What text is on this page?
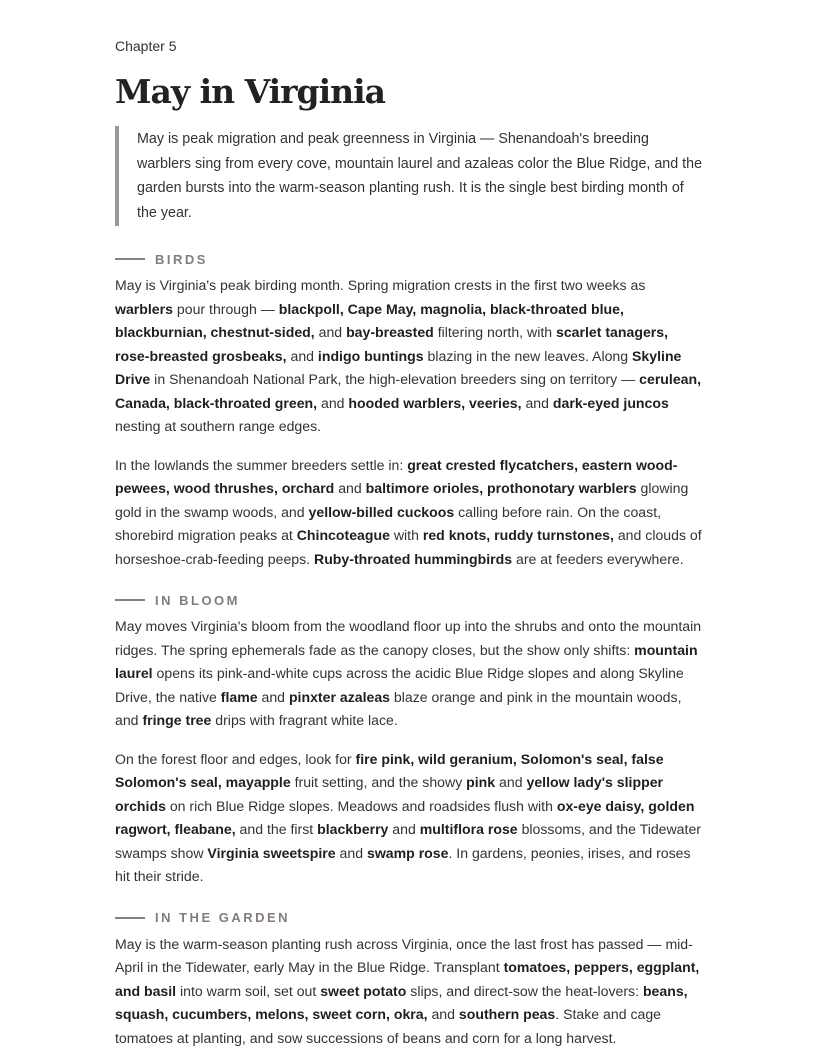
Chapter 5

May in Virginia
May is peak migration and peak greenness in Virginia — Shenandoah's breeding warblers sing from every cove, mountain laurel and azaleas color the Blue Ridge, and the garden bursts into the warm-season planting rush. It is the single best birding month of the year.
BIRDS

May is Virginia's peak birding month. Spring migration crests in the first two weeks as warblers pour through — blackpoll, Cape May, magnolia, black-throated blue, blackburnian, chestnut-sided, and bay-breasted filtering north, with scarlet tanagers, rose-breasted grosbeaks, and indigo buntings blazing in the new leaves. Along Skyline Drive in Shenandoah National Park, the high-elevation breeders sing on territory — cerulean, Canada, black-throated green, and hooded warblers, veeries, and dark-eyed juncos nesting at southern range edges.

In the lowlands the summer breeders settle in: great crested flycatchers, eastern wood-pewees, wood thrushes, orchard and baltimore orioles, prothonotary warblers glowing gold in the swamp woods, and yellow-billed cuckoos calling before rain. On the coast, shorebird migration peaks at Chincoteague with red knots, ruddy turnstones, and clouds of horseshoe-crab-feeding peeps. Ruby-throated hummingbirds are at feeders everywhere.

IN BLOOM

May moves Virginia's bloom from the woodland floor up into the shrubs and onto the mountain ridges. The spring ephemerals fade as the canopy closes, but the show only shifts: mountain laurel opens its pink-and-white cups across the acidic Blue Ridge slopes and along Skyline Drive, the native flame and pinxter azaleas blaze orange and pink in the mountain woods, and fringe tree drips with fragrant white lace.

On the forest floor and edges, look for fire pink, wild geranium, Solomon's seal, false Solomon's seal, mayapple fruit setting, and the showy pink and yellow lady's slipper orchids on rich Blue Ridge slopes. Meadows and roadsides flush with ox-eye daisy, golden ragwort, fleabane, and the first blackberry and multiflora rose blossoms, and the Tidewater swamps show Virginia sweetspire and swamp rose. In gardens, peonies, irises, and roses hit their stride.

IN THE GARDEN

May is the warm-season planting rush across Virginia, once the last frost has passed — mid-April in the Tidewater, early May in the Blue Ridge. Transplant tomatoes, peppers, eggplant, and basil into warm soil, set out sweet potato slips, and direct-sow the heat-lovers: beans, squash, cucumbers, melons, sweet corn, okra, and southern peas. Stake and cage tomatoes at planting, and sow successions of beans and corn for a long harvest.
